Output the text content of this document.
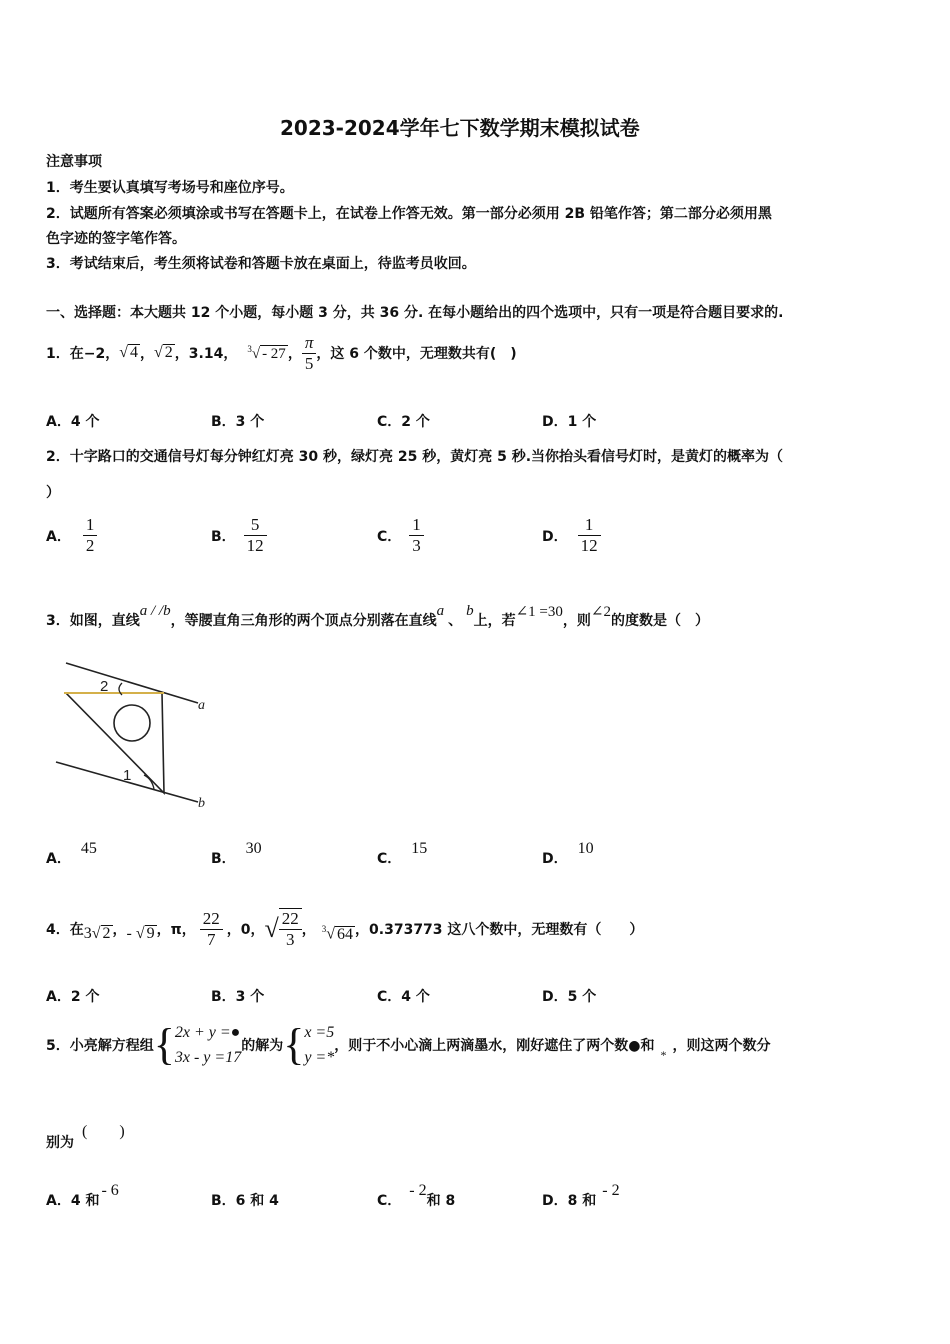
2023-2024学年七下数学期末模拟试卷
注意事项
1．考生要认真填写考场号和座位序号。
2．试题所有答案必须填涂或书写在答题卡上，在试卷上作答无效。第一部分必须用 2B 铅笔作答；第二部分必须用黑
色字迹的签字笔作答。
3．考试结束后，考生须将试卷和答题卡放在桌面上，待监考员收回。
一、选择题：本大题共 12 个小题，每小题 3 分，共 36 分. 在每小题给出的四个选项中，只有一项是符合题目要求的.
1．在−2， √ 4 ， √ 2 ，3.14， $^3$√ - 27 ， $\frac{\pi}{5}$ ，这 6 个数中，无理数共有(　)
A．4 个	B．3 个	C．2 个	D．1 个
2．十字路口的交通信号灯每分钟红灯亮 30 秒，绿灯亮 25 秒，黄灯亮 5 秒.当你抬头看信号灯时，是黄灯的概率为（
）
A． $\frac{1}{2}$	B． $\frac{5}{12}$	C． $\frac{1}{3}$	D． $\frac{1}{12}$
3．如图，直线
a / /b
，等腰直角三角形的两个顶点分别落在直线
a
、
b
上，若
∠1 =30
，则
∠2
的度数是（　）
2
1
a
b
A．45
B．30
C．15
D．10
4．在 3√ 2 ， - √ 9 ，π， $\frac{22}{7}$ ，0， √ $\frac{22}{3}$ ， $^3$√ 64 ，0.373773 这八个数中，无理数有（　　）
A．2 个	B．3 个	C．4 个	D．5 个
5．小亮解方程组 { 2x + y =●
3x - y =17
的解为 { x =5
y =*
，则于不小心滴上两滴墨水，刚好遮住了两个数●和
*
，则这两个数分
别为
(　　)
A．4 和- 6
B．6 和 4	C．- 2和 8	D．8 和- 2
